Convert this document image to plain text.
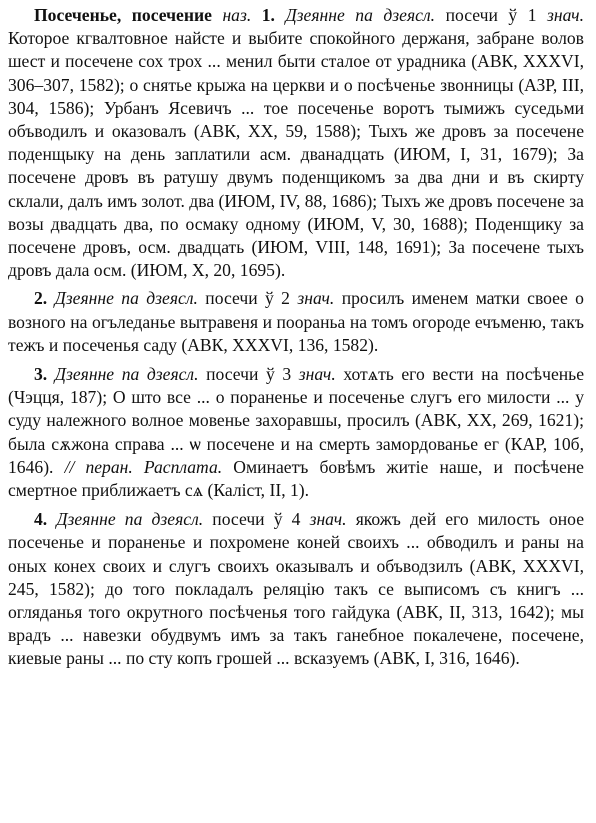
Посеченье, посечение наз. 1. Дзеянне па дзеясл. посечи ў 1 знач. Которое кгвалтовное найсте и выбите спокойного держаня, забране волов шест и посечене сох трох ... менил быти сталое от урадника (АВК, XXXVI, 306–307, 1582); о снятье крыжа на церкви и о посѣченье звонницы (АЗР, III, 304, 1586); Урбанъ Ясевичъ ... тое посеченье воротъ тымижъ суседьми объводилъ и оказовалъ (АВК, XX, 59, 1588); Тыхъ же дровъ за посечене поденщыку на день заплатили асм. дванадцать (ИЮМ, I, 31, 1679); За посечене дровъ въ ратушу двумъ поденщикомъ за два дни и въ скирту склали, далъ имъ золот. два (ИЮМ, IV, 88, 1686); Тыхъ же дровъ посечене за возы двадцать два, по осмаку одному (ИЮМ, V, 30, 1688); Поденщику за посечене дровъ, осм. двадцать (ИЮМ, VIII, 148, 1691); За посечене тыхъ дровъ дала осм. (ИЮМ, X, 20, 1695).

2. Дзеянне па дзеясл. посечи ў 2 знач. просилъ именем матки своее о возного на огъледанье вытравеня и пooраньа на томъ огороде ечъменю, такъ тежъ и посеченья саду (АВК, XXXVI, 136, 1582).

3. Дзеянне па дзеясл. посечи ў 3 знач. хотѧть его вести на посѣченье (Чэцця, 187); О што все ... о пораненье и посеченье слугъ его милости ... у суду належного волное мовенье захоравшы, просилъ (АВК, XX, 269, 1621); была сѫжона справа ... ѡ посечене и на смерть замордованье ег (КАР, 10б, 1646). // перан. Расплата. Оминаетъ бовѣмъ житіе наше, и посѣчене смертное приближаетъ сѧ (Каліст, II, 1).

4. Дзеянне па дзеясл. посечи ў 4 знач. якожъ дей его милость оное посеченье и пораненье и похромене коней своихъ ... обводилъ и раны на оных конех своих и слугъ своихъ оказывалъ и объводзилъ (АВК, XXXVI, 245, 1582); до того покладалъ реляцію такъ се выписомъ съ книгъ ... огляданья того окрутного посѣченья того гайдука (АВК, II, 313, 1642); мы врадъ ... навезки обудвумъ имъ за такъ ганебное покалечене, посечене, киевые раны ... по сту копъ грошей ... всказуемъ (АВК, I, 316, 1646).
